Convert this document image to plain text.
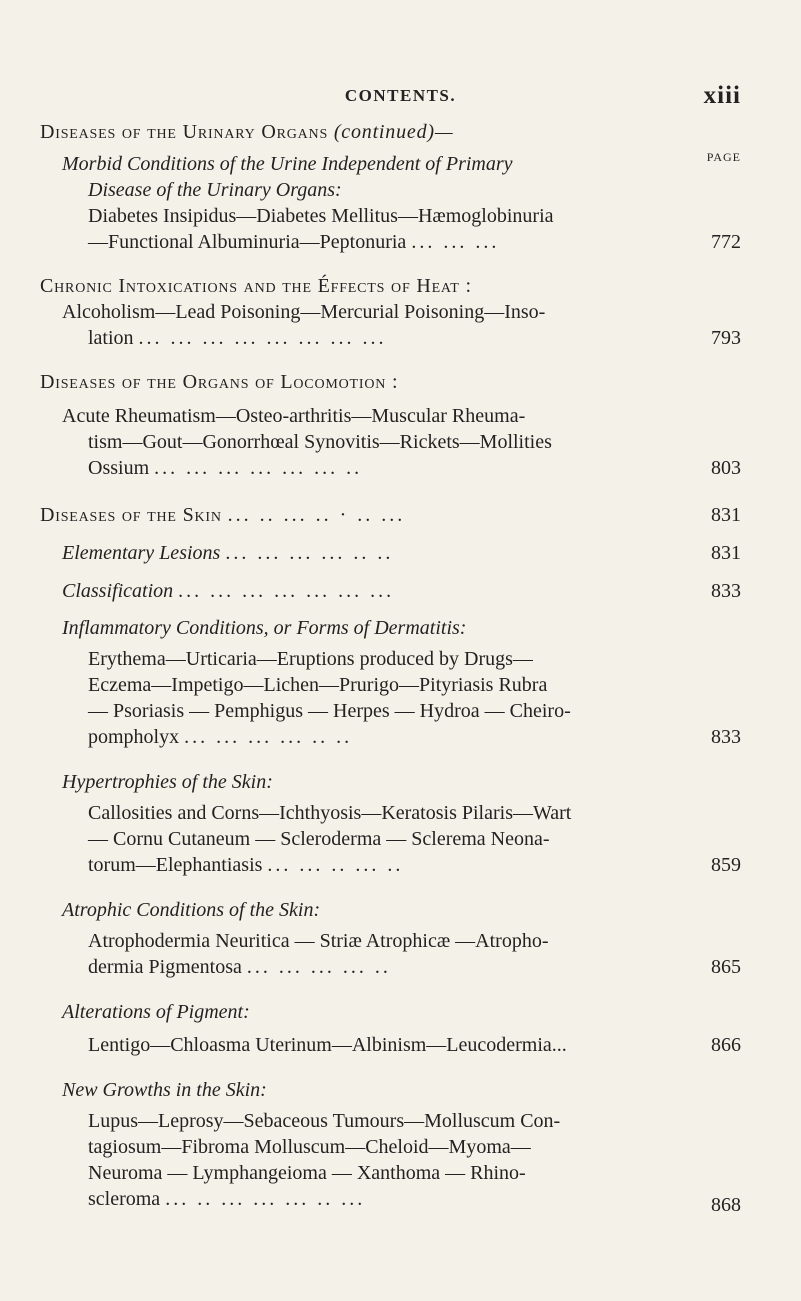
CONTENTS.	xiii
PAGE
Diseases of the Urinary Organs (continued)—
Morbid Conditions of the Urine Independent of Primary
Disease of the Urinary Organs:
Diabetes Insipidus—Diabetes Mellitus—Hæmoglobinuria
—Functional Albuminuria—Peptonuria ... ... ...	772
Chronic Intoxications and the Éffects of Heat :
Alcoholism—Lead Poisoning—Mercurial Poisoning—Inso-
lation ... ... ... ... ... ... ... ...	793
Diseases of the Organs of Locomotion :
Acute Rheumatism—Osteo-arthritis—Muscular Rheuma-
tism—Gout—Gonorrhœal Synovitis—Rickets—Mollities
Ossium ... ... ... ... ... ... ..	803
Diseases of the Skin ... .. ... .. · .. ...	831
Elementary Lesions ... ... ... ... .. ..	831
Classification ... ... ... ... ... ... ...	833
Inflammatory Conditions, or Forms of Dermatitis:
Erythema—Urticaria—Eruptions produced by Drugs—
Eczema—Impetigo—Lichen—Prurigo—Pityriasis Rubra
— Psoriasis — Pemphigus — Herpes — Hydroa — Cheiro-
pompholyx ... ... ... ... .. ..	833
Hypertrophies of the Skin:
Callosities and Corns—Ichthyosis—Keratosis Pilaris—Wart
— Cornu Cutaneum — Scleroderma — Sclerema Neona-
torum—Elephantiasis ... ... .. ... ..	859
Atrophic Conditions of the Skin:
Atrophodermia Neuritica — Striæ Atrophicæ —Atropho-
dermia Pigmentosa ... ... ... ... ..	865
Alterations of Pigment:
Lentigo—Chloasma Uterinum—Albinism—Leucodermia...	866
New Growths in the Skin:
Lupus—Leprosy—Sebaceous Tumours—Molluscum Con-
tagiosum—Fibroma Molluscum—Cheloid—Myoma—
Neuroma — Lymphangeioma — Xanthoma — Rhino-
scleroma ... .. ... ... ... .. ...	868
